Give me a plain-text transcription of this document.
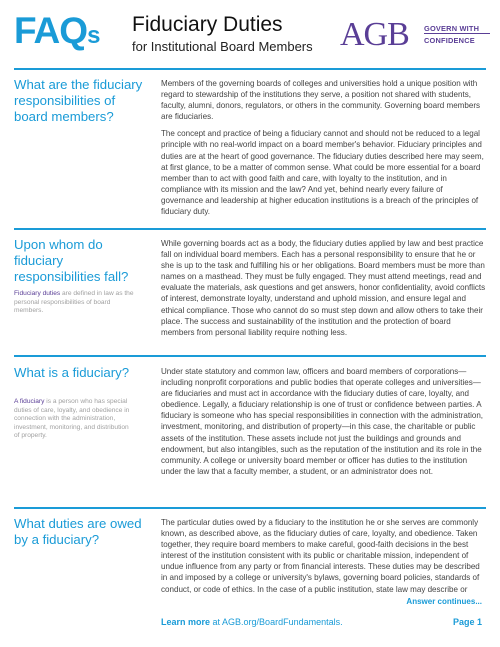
FAQs Fiduciary Duties
for Institutional Board Members AGB GOVERN WITH
CONFIDENCE
What are the fiduciary responsibilities of board members?

Members of the governing boards of colleges and universities hold a unique position with regard to stewardship of the institutions they serve, a position not shared with students, faculty, alumni, donors, regulators, or others in the community. Governing board members are fiduciaries.

The concept and practice of being a fiduciary cannot and should not be reduced to a legal principle with no real-world impact on a board member's behavior. Fiduciary principles and duties are at the heart of good governance. The fiduciary duties described here may seem, at first glance, to be a matter of common sense. What could be more essential for a board member than to act with good faith and care, with loyalty to the institution, and in compliance with its mission and the law? And yet, behind nearly every failure of governance and leadership at higher education institutions is a breach of the principles of fiduciary duty.

Upon whom do fiduciary responsibilities fall?
Fiduciary duties are defined in law as the personal responsibilities of board members.

While governing boards act as a body, the fiduciary duties applied by law and best practice fall on individual board members. Each has a personal responsibility to ensure that he or she is up to the task and fulfilling his or her obligations. Board members must be more than names on a masthead. They must be fully engaged. They must attend meetings, read and evaluate the materials, ask questions and get answers, honor confidentiality, avoid conflicts of interest, demonstrate loyalty, understand and uphold mission, and ensure legal and ethical compliance. Those who cannot do so must step down and allow others to take their place. The success and sustainability of the institution and the protection of board members from personal liability require nothing less.

What is a fiduciary?
A fiduciary is a person who has special duties of care, loyalty, and obedience in connection with the administration, investment, monitoring, and distribution of property.

Under state statutory and common law, officers and board members of corporations—including nonprofit corporations and public bodies that operate colleges and universities—are fiduciaries and must act in accordance with the fiduciary duties of care, loyalty, and obedience. Legally, a fiduciary relationship is one of trust or confidence between parties. A fiduciary is someone who has special responsibilities in connection with the administration, investment, monitoring, and distribution of property—in this case, the charitable or public assets of the institution. These assets include not just the buildings and grounds and endowment, but also intangibles, such as the reputation of the institution and its role in the community. A college or university board member or officer has duties to the institution under the law that a faculty member, a student, or an administrator does not.

What duties are owed by a fiduciary?

The particular duties owed by a fiduciary to the institution he or she serves are commonly known, as described above, as the fiduciary duties of care, loyalty, and obedience. Taken together, they require board members to make careful, good-faith decisions in the best interest of the institution consistent with its public or charitable mission, independent of undue influence from any party or from financial interests. These duties may be described in and imposed by a college or university's bylaws, governing board policies, standards of conduct, or code of ethics. In the case of a public institution, state law may describe or

Answer continues...
Learn more at AGB.org/BoardFundamentals.	Page 1
